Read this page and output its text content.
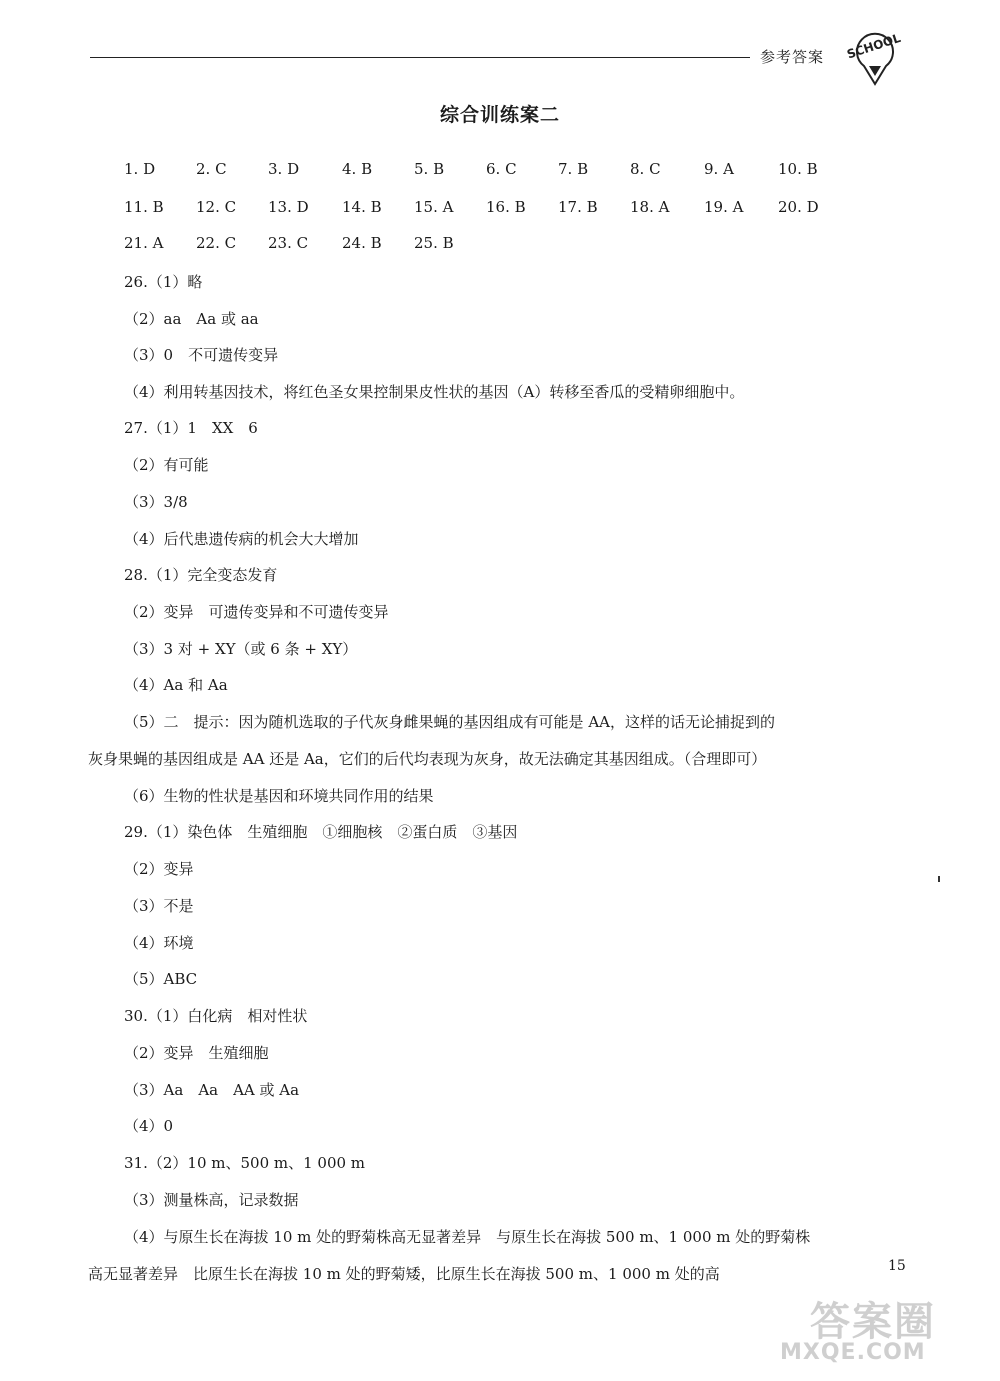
参考答案 SCHOOL
综合训练案二
1. D	2. C	3. D	4. B	5. B	6. C	7. B	8. C	9. A	10. B
11. B 12. C 13. D 14. B 15. A 16. B 17. B 18. A 19. A 20. D
21. A 22. C 23. C 24. B 25. B
26.（1）略
（2）aa　Aa 或 aa
（3）0　不可遗传变异
（4）利用转基因技术，将红色圣女果控制果皮性状的基因（A）转移至香瓜的受精卵细胞中。
27.（1）1　XX　6
（2）有可能
（3）3/8
（4）后代患遗传病的机会大大增加
28.（1）完全变态发育
（2）变异　可遗传变异和不可遗传变异
（3）3 对 + XY（或 6 条 + XY）
（4）Aa 和 Aa
（5）二　提示：因为随机选取的子代灰身雌果蝇的基因组成有可能是 AA，这样的话无论捕捉到的
灰身果蝇的基因组成是 AA 还是 Aa，它们的后代均表现为灰身，故无法确定其基因组成。（合理即可）
（6）生物的性状是基因和环境共同作用的结果
29.（1）染色体　生殖细胞　①细胞核　②蛋白质　③基因
（2）变异
（3）不是
（4）环境
（5）ABC
30.（1）白化病　相对性状
（2）变异　生殖细胞
（3）Aa　Aa　AA 或 Aa
（4）0
31.（2）10 m、500 m、1 000 m
（3）测量株高，记录数据
（4）与原生长在海拔 10 m 处的野菊株高无显著差异　与原生长在海拔 500 m、1 000 m 处的野菊株
高无显著差异　比原生长在海拔 10 m 处的野菊矮，比原生长在海拔 500 m、1 000 m 处的高	15
答案圈
MXQE.COM
